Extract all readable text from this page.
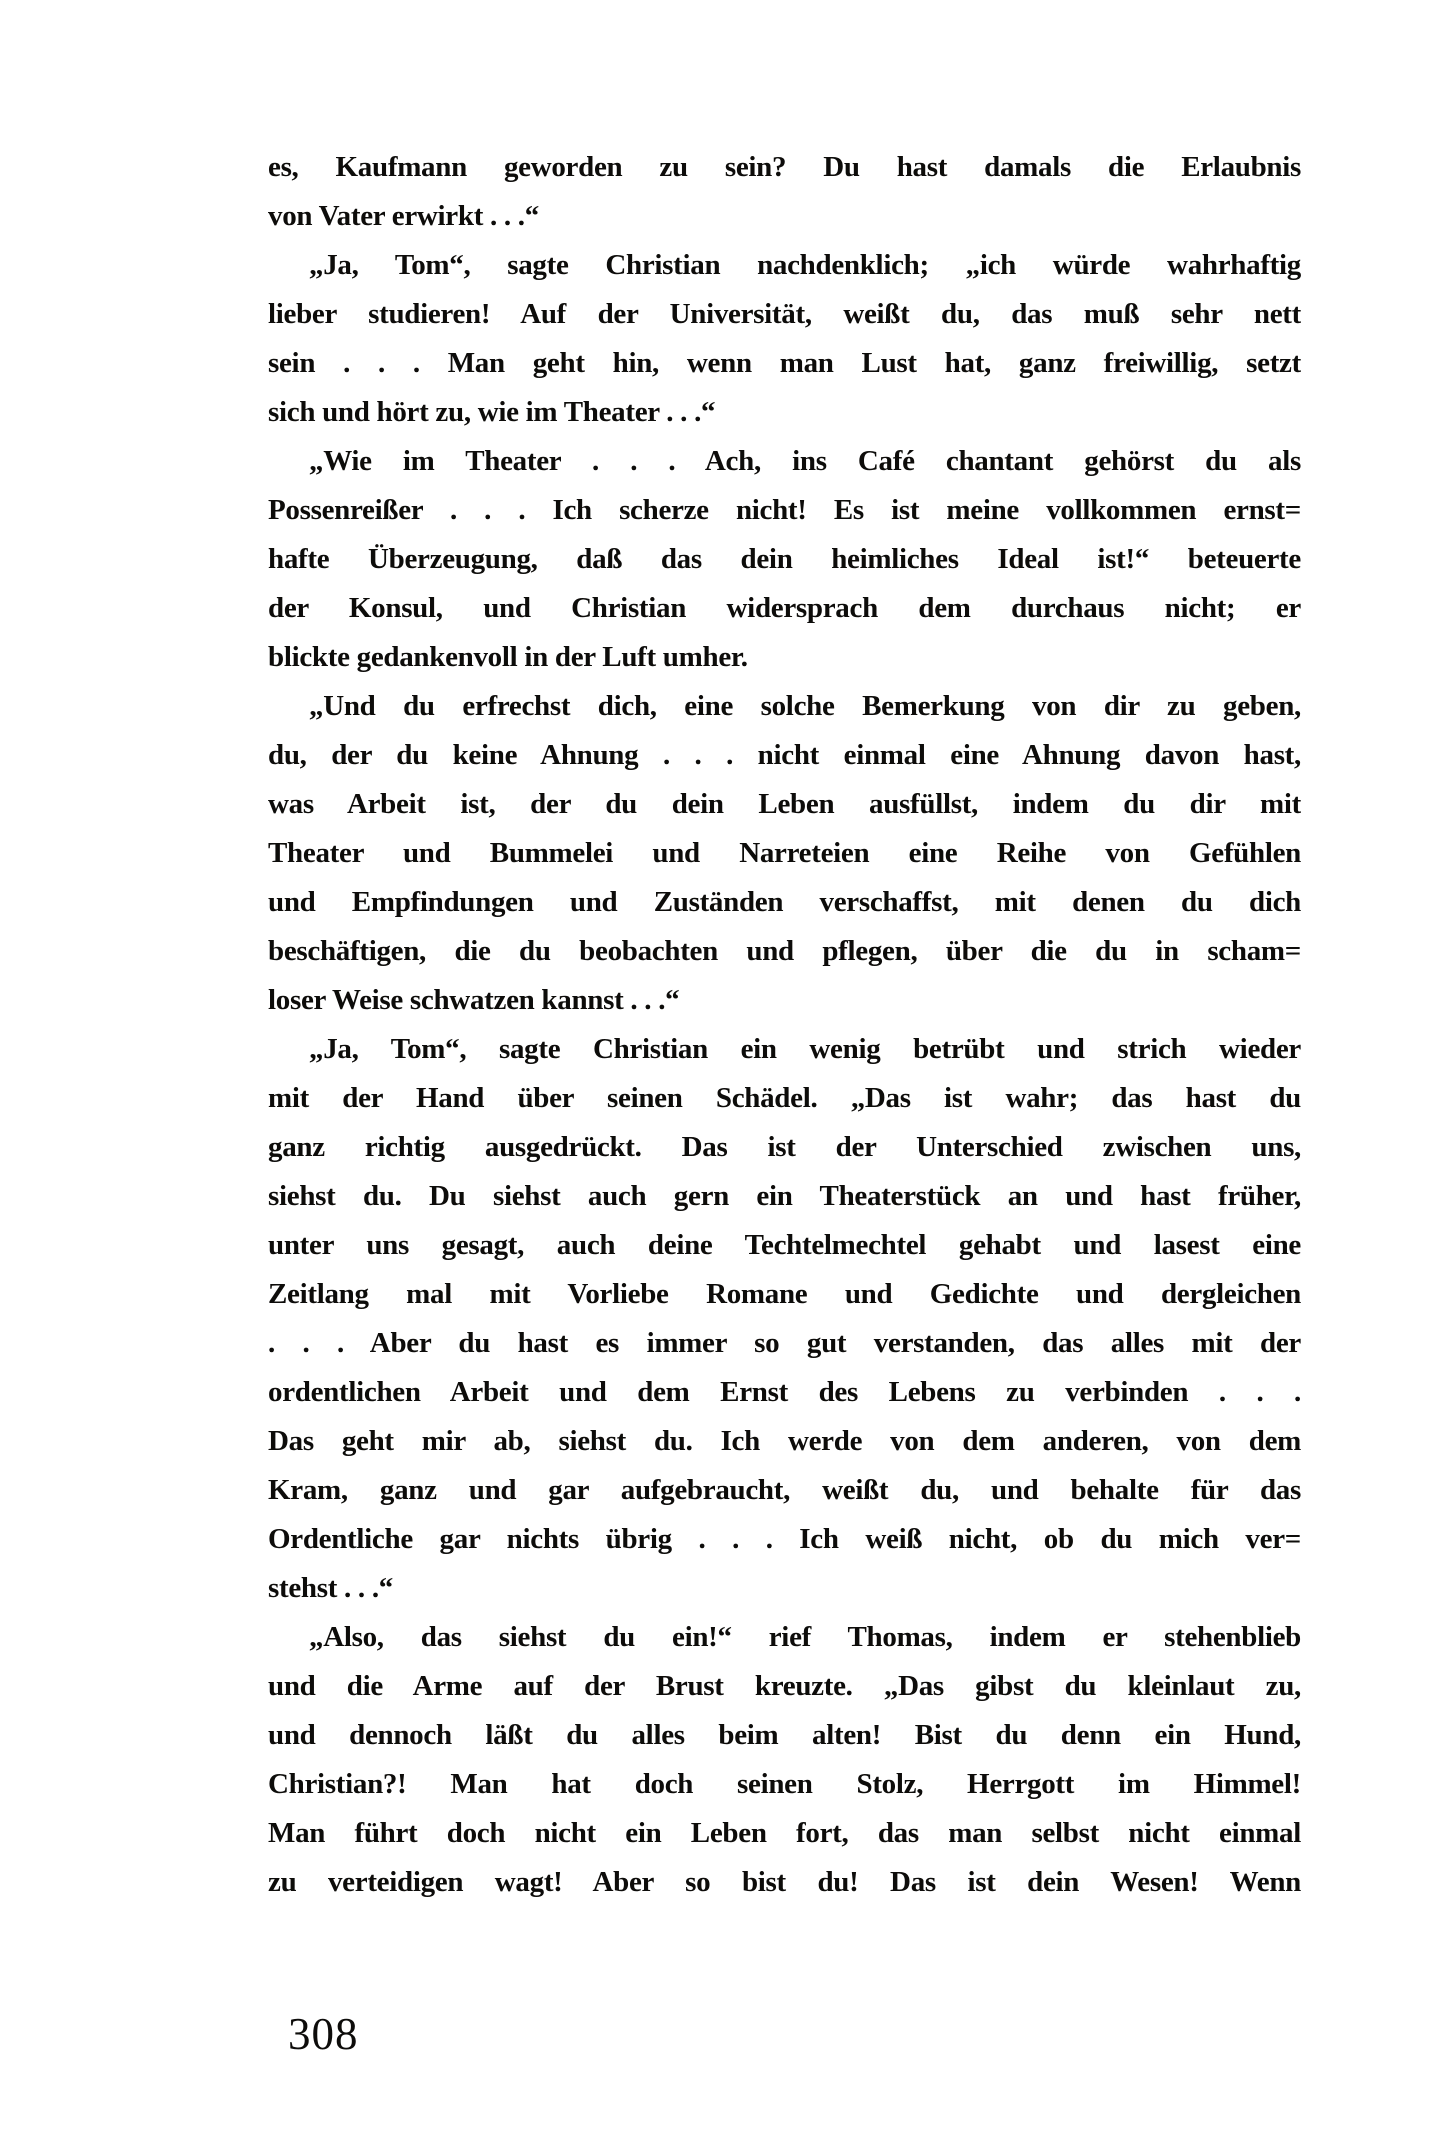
es, Kaufmann geworden zu sein? Du hast damals die Erlaubnis
von Vater erwirkt . . .“
„Ja, Tom“, sagte Christian nachdenklich; „ich würde wahrhaftig
lieber studieren! Auf der Universität, weißt du, das muß sehr nett
sein . . . Man geht hin, wenn man Lust hat, ganz freiwillig, setzt
sich und hört zu, wie im Theater . . .“
„Wie im Theater . . . Ach, ins Café chantant gehörst du als
Possenreißer . . . Ich scherze nicht! Es ist meine vollkommen ernst=
hafte Überzeugung, daß das dein heimliches Ideal ist!“ beteuerte
der Konsul, und Christian widersprach dem durchaus nicht; er
blickte gedankenvoll in der Luft umher.
„Und du erfrechst dich, eine solche Bemerkung von dir zu geben,
du, der du keine Ahnung . . . nicht einmal eine Ahnung davon hast,
was Arbeit ist, der du dein Leben ausfüllst, indem du dir mit
Theater und Bummelei und Narreteien eine Reihe von Gefühlen
und Empfindungen und Zuständen verschaffst, mit denen du dich
beschäftigen, die du beobachten und pflegen, über die du in scham=
loser Weise schwatzen kannst . . .“
„Ja, Tom“, sagte Christian ein wenig betrübt und strich wieder
mit der Hand über seinen Schädel. „Das ist wahr; das hast du
ganz richtig ausgedrückt. Das ist der Unterschied zwischen uns,
siehst du. Du siehst auch gern ein Theaterstück an und hast früher,
unter uns gesagt, auch deine Techtelmechtel gehabt und lasest eine
Zeitlang mal mit Vorliebe Romane und Gedichte und dergleichen
. . . Aber du hast es immer so gut verstanden, das alles mit der
ordentlichen Arbeit und dem Ernst des Lebens zu verbinden . . .
Das geht mir ab, siehst du. Ich werde von dem anderen, von dem
Kram, ganz und gar aufgebraucht, weißt du, und behalte für das
Ordentliche gar nichts übrig . . . Ich weiß nicht, ob du mich ver=
stehst . . .“
„Also, das siehst du ein!“ rief Thomas, indem er stehenblieb
und die Arme auf der Brust kreuzte. „Das gibst du kleinlaut zu,
und dennoch läßt du alles beim alten! Bist du denn ein Hund,
Christian?! Man hat doch seinen Stolz, Herrgott im Himmel!
Man führt doch nicht ein Leben fort, das man selbst nicht einmal
zu verteidigen wagt! Aber so bist du! Das ist dein Wesen! Wenn
308
